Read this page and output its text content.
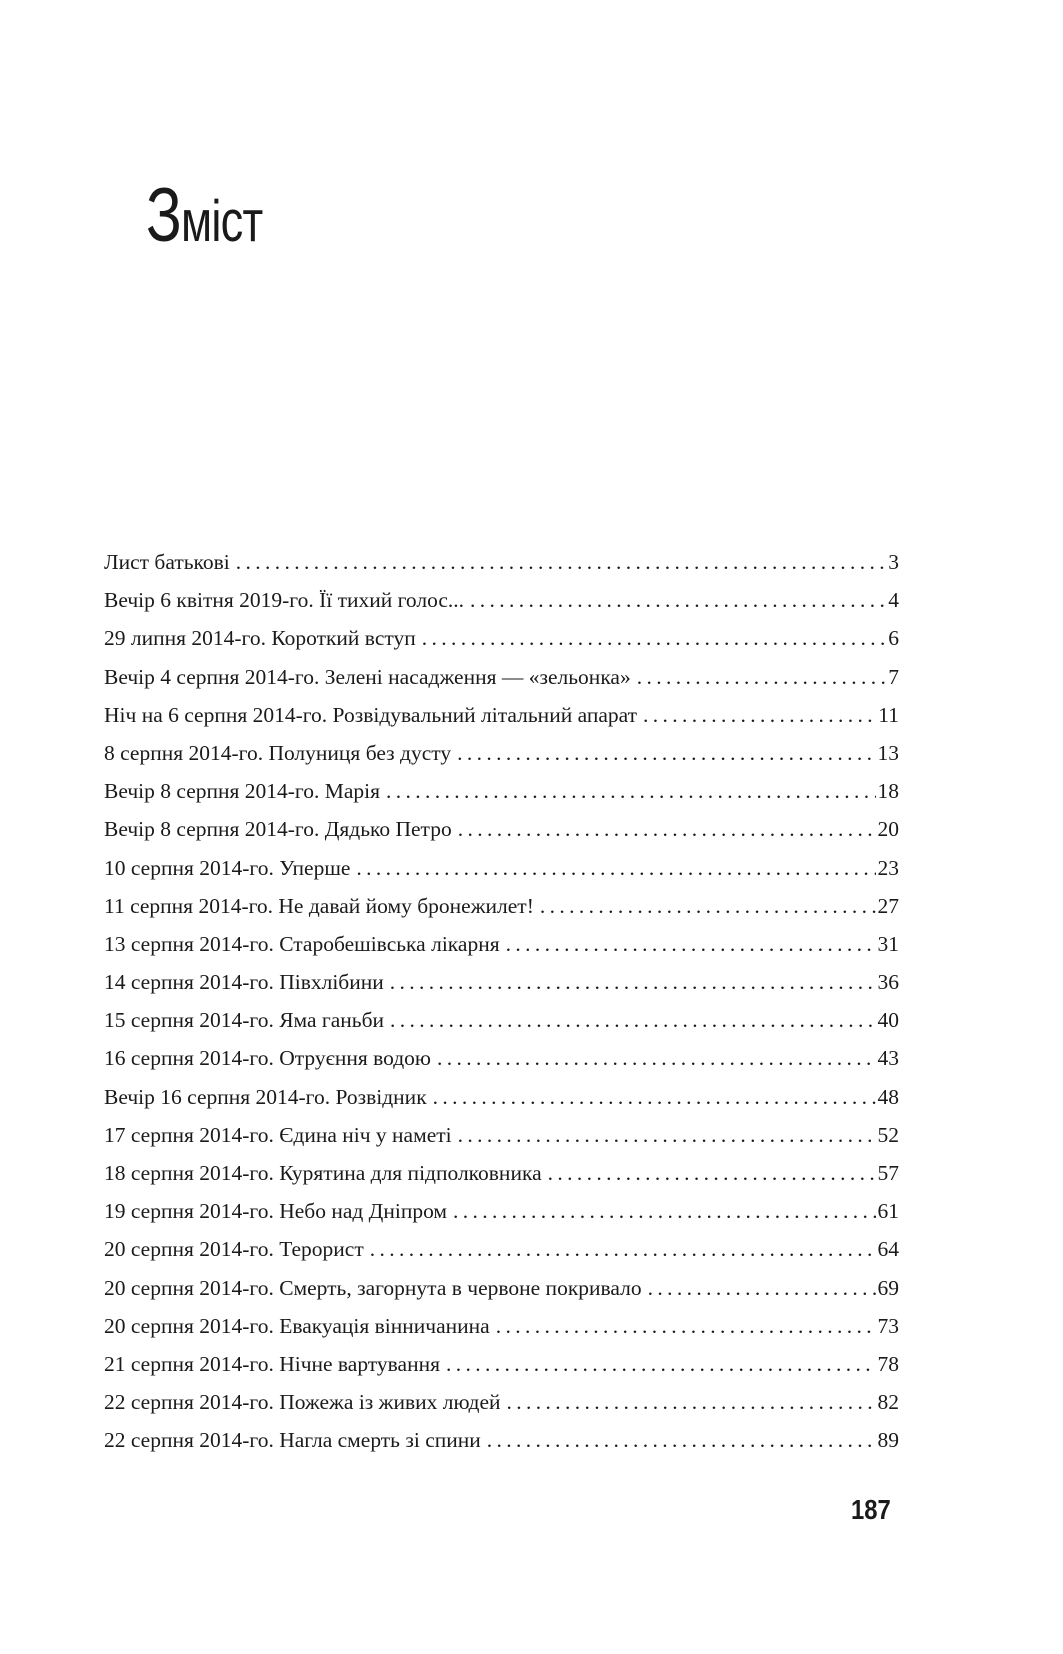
Зміст
Лист батькові . . .	3
Вечір 6 квітня 2019-го. Її тихий голос... . . .	4
29 липня 2014-го. Короткий вступ . . .	6
Вечір 4 серпня 2014-го. Зелені насадження — «зельонка» . . .	7
Ніч на 6 серпня 2014-го. Розвідувальний літальний апарат . . .	11
8 серпня 2014-го. Полуниця без дусту . . .	13
Вечір 8 серпня 2014-го. Марія . . .	18
Вечір 8 серпня 2014-го. Дядько Петро . . .	20
10 серпня 2014-го. Уперше . . .	23
11 серпня 2014-го. Не давай йому бронежилет! . . .	27
13 серпня 2014-го. Старобешівська лікарня . . .	31
14 серпня 2014-го. Півхлібини . . .	36
15 серпня 2014-го. Яма ганьби . . .	40
16 серпня 2014-го. Отруєння водою . . .	43
Вечір 16 серпня 2014-го. Розвідник . . .	48
17 серпня 2014-го. Єдина ніч у наметі . . .	52
18 серпня 2014-го. Курятина для підполковника . . .	57
19 серпня 2014-го. Небо над Дніпром . . .	61
20 серпня 2014-го. Терорист . . .	64
20 серпня 2014-го. Смерть, загорнута в червоне покривало . . .	69
20 серпня 2014-го. Евакуація вінничанина . . .	73
21 серпня 2014-го. Нічне вартування . . .	78
22 серпня 2014-го. Пожежа із живих людей . . .	82
22 серпня 2014-го. Нагла смерть зі спини . . .	89

187
